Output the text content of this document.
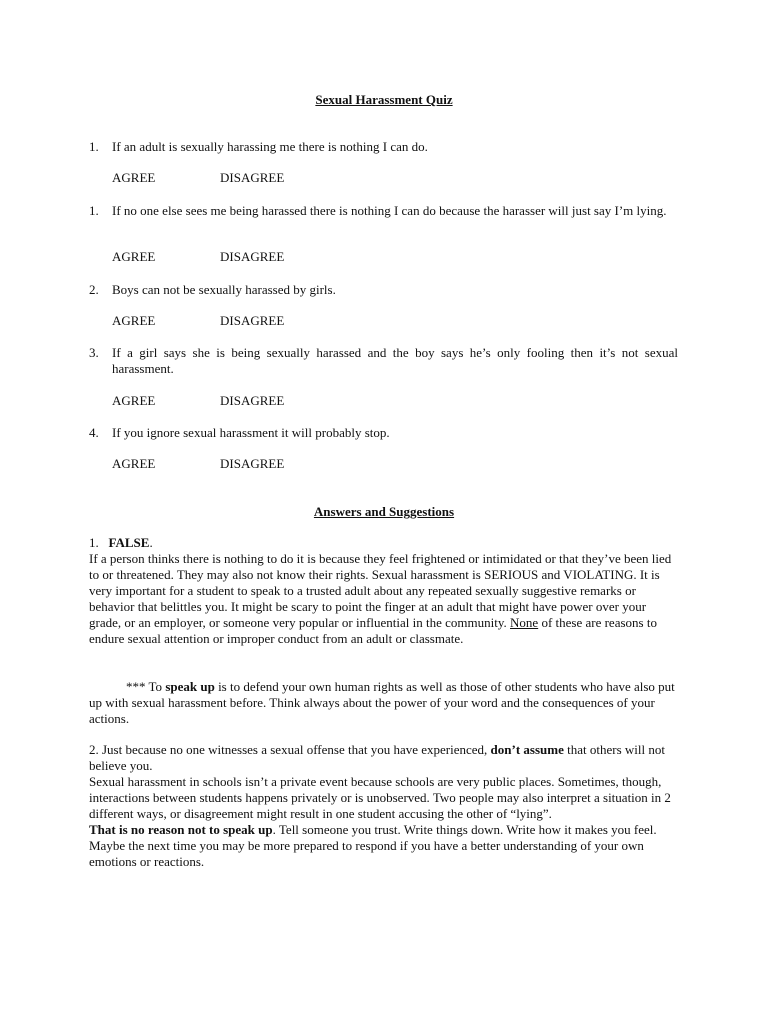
Sexual Harassment Quiz
1. If an adult is sexually harassing me there is nothing I can do.
AGREE	DISAGREE
1. If no one else sees me being harassed there is nothing I can do because the harasser will just say I’m lying.
AGREE	DISAGREE
2. Boys can not be sexually harassed by girls.
AGREE	DISAGREE
3. If a girl says she is being sexually harassed and the boy says he’s only fooling then it’s not sexual harassment.
AGREE	DISAGREE
4. If you ignore sexual harassment it will probably stop.
AGREE	DISAGREE
Answers and Suggestions
1. FALSE.
If a person thinks there is nothing to do it is because they feel frightened or intimidated or that they’ve been lied to or threatened. They may also not know their rights. Sexual harassment is SERIOUS and VIOLATING. It is very important for a student to speak to a trusted adult about any repeated sexually suggestive remarks or behavior that belittles you. It might be scary to point the finger at an adult that might have power over your grade, or an employer, or someone very popular or influential in the community. None of these are reasons to endure sexual attention or improper conduct from an adult or classmate.
*** To speak up is to defend your own human rights as well as those of other students who have also put up with sexual harassment before. Think always about the power of your word and the consequences of your actions.
2. Just because no one witnesses a sexual offense that you have experienced, don’t assume that others will not believe you.
Sexual harassment in schools isn’t a private event because schools are very public places. Sometimes, though, interactions between students happens privately or is unobserved. Two people may also interpret a situation in 2 different ways, or disagreement might result in one student accusing the other of “lying”.
That is no reason not to speak up. Tell someone you trust. Write things down. Write how it makes you feel. Maybe the next time you may be more prepared to respond if you have a better understanding of your own emotions or reactions.
